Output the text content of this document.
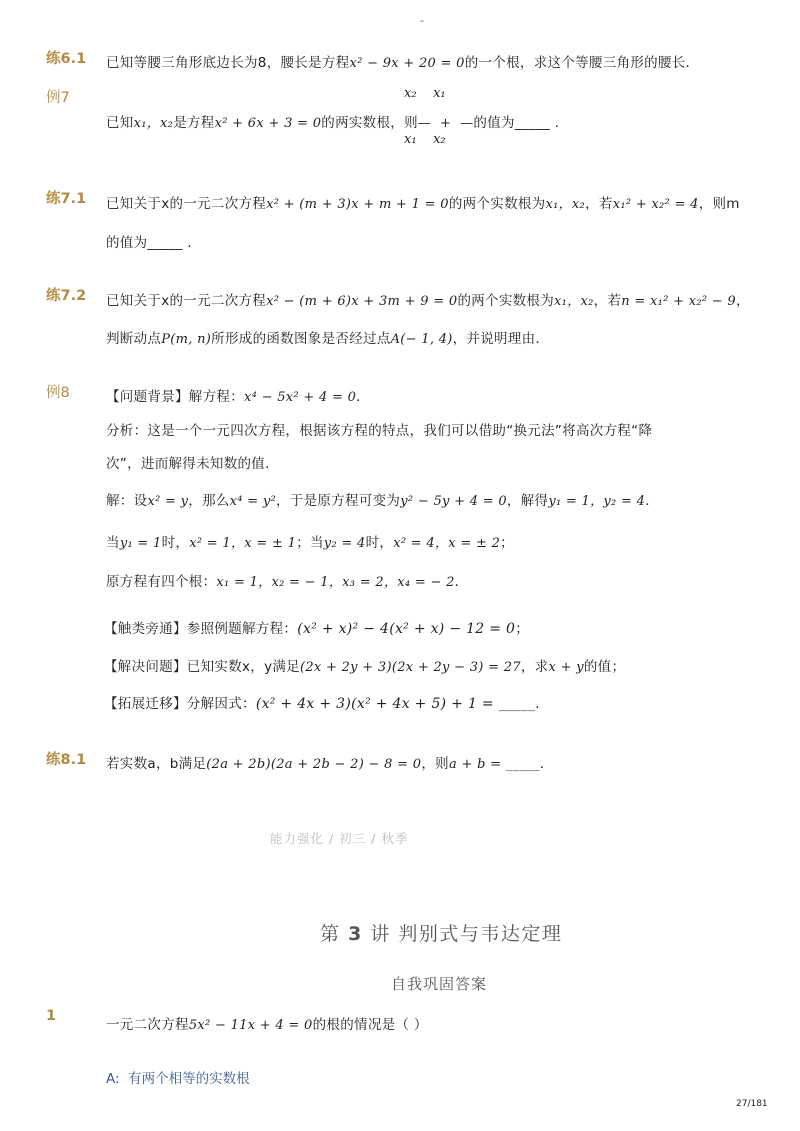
-
练6.1 已知等腰三角形底边长为8，腰长是方程x² − 9x + 20 = 0的一个根，求这个等腰三角形的腰长．
例7	x₂    x₁
已知x₁，x₂是方程x² + 6x + 3 = 0的两实数根，则—  +  —的值为_____ .
x₁    x₂
练7.1 已知关于x的一元二次方程x² + (m + 3)x + m + 1 = 0的两个实数根为x₁，x₂，若x₁² + x₂² = 4，则m
的值为_____ .
练7.2 已知关于x的一元二次方程x² − (m + 6)x + 3m + 9 = 0的两个实数根为x₁，x₂，若n = x₁² + x₂² − 9，
判断动点P(m, n)所形成的函数图象是否经过点A(− 1, 4)，并说明理由．
例8	【问题背景】解方程：x⁴ − 5x² + 4 = 0．
分析：这是一个一元四次方程，根据该方程的特点，我们可以借助“换元法”将高次方程“降
次”，进而解得未知数的值．
解：设x² = y，那么x⁴ = y²，于是原方程可变为y² − 5y + 4 = 0，解得y₁ = 1，y₂ = 4．
当y₁ = 1时，x² = 1，x = ± 1；当y₂ = 4时，x² = 4，x = ± 2；
原方程有四个根：x₁ = 1，x₂ = − 1，x₃ = 2，x₄ = − 2．
【触类旁通】参照例题解方程：(x² + x)² − 4(x² + x) − 12 = 0；
【解决问题】已知实数x，y满足(2x + 2y + 3)(2x + 2y − 3) = 27，求x + y的值；
【拓展迁移】分解因式：(x² + 4x + 3)(x² + 4x + 5) + 1 = _____．
练8.1 若实数a，b满足(2a + 2b)(2a + 2b − 2) − 8 = 0，则a + b = _____．
能力强化 / 初三 / 秋季
第 3 讲 判别式与韦达定理
自我巩固答案
1
一元二次方程5x² − 11x + 4 = 0的根的情况是（ ）
A: 有两个相等的实数根
27/181
